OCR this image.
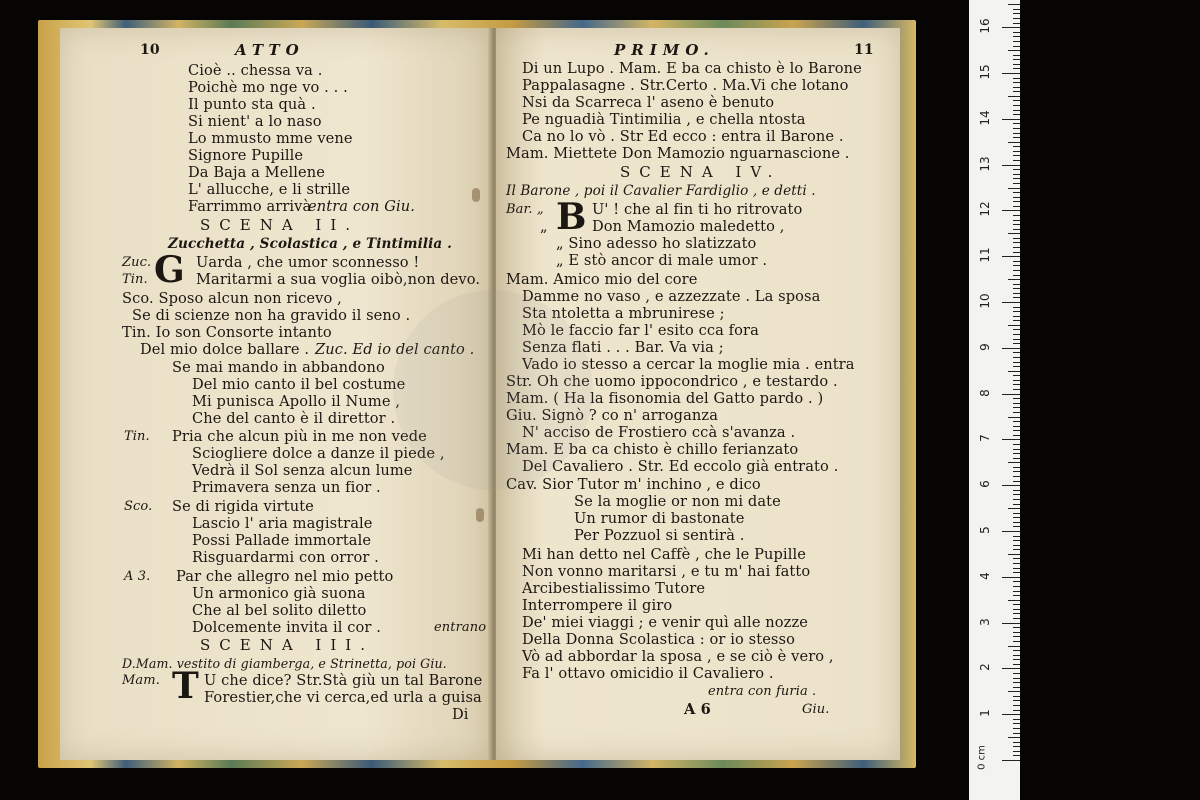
10	ATTO
Cioè .. chessa va .
Poichè mo nge vo . . .
Il punto sta quà .
Si nient' a lo naso
Lo mmusto mme vene
Signore Pupille
Da Baja a Mellene
L' allucche, e li strille
Farrimmo arrivà .
entra con Giu.
SCENA II.
Zucchetta , Scolastica , e Tintimilia .
Zuc. G Uarda , che umor sconnesso !
Tin.	Maritarmi a sua voglia oibò,non devo.
Sco. Sposo alcun non ricevo ,
Se di scienze non ha gravido il seno .
Tin. Io son Consorte intanto
Del mio dolce ballare . Zuc. Ed io del canto .
Se mai mando in abbandono
Del mio canto il bel costume
Mi punisca Apollo il Nume ,
Che del canto è il direttor .
Tin. Pria che alcun più in me non vede
Sciogliere dolce a danze il piede ,
Vedrà il Sol senza alcun lume
Primavera senza un fior .
Sco. Se di rigida virtute
Lascio l' aria magistrale
Possi Pallade immortale
Risguardarmi con orror .
A 3. Par che allegro nel mio petto
Un armonico già suona
Che al bel solito diletto
Dolcemente invita il cor .	entrano
SCENA III.
D.Mam. vestito di giamberga, e Strinetta, poi Giu.
Mam. T U che dice? Str.Stà giù un tal Barone
Forestier,che vi cerca,ed urla a guisa
Di
PRIMO.	11
Di un Lupo . Mam. E ba ca chisto è lo Barone
Pappalasagne . Str.Certo . Ma.Vi che lotano
Nsi da Scarreca l' asenо è benuto
Pe nguadià Tintimilia , e chella ntosta
Ca no lo vò . Str Ed ecco : entra il Barone .
Mam. Miettete Don Mamozio nguarnascione .
SCENA IV.
Il Barone , poi il Cavalier Fardiglio , e detti .
Bar. „ B U' ! che al fin ti ho ritrovato
„	Don Mamozio maledetto ,
„ Sino adesso ho slatizzato
„ E stò ancor di male umor .
Mam. Amico mio del core
Damme no vaso , e azzezzate . La sposa
Sta ntoletta a mbrunirese ;
Mò le faccio far l' esito cca fora
Senza flati . . . Bar. Va via ;
Vado io stesso a cercar la moglie mia . entra
Str. Oh che uomo ippocondrico , e testardo .
Mam. ( Ha la fisonomia del Gatto pardo . )
Giu. Signò ? co n' arroganza
N' accisо de Frostiero ccà s'avanza .
Mam. E ba ca chisto è chillo ferianzato
Del Cavaliero . Str. Ed eccolo già entrato .
Cav. Sior Tutor m' inchino , e dico
Se la moglie or non mi date
Un rumor di bastonate
Per Pozzuol si sentirà .
Mi han detto nel Caffè , che le Pupille
Non vonno maritarsi , e tu m' hai fatto
Arcibestialissimo Tutore
Interrompere il giro
De' miei viaggi ; e venir quì alle nozze
Della Donna Scolastica : or io stesso
Vò ad abbordar la sposa , e se ciò è vero ,
Fa l' ottavo omicidio il Cavaliero .
entra con furia .
A 6	Giu.
0 cm
1
2
3
4
5
6
7
8
9
10
11
12
13
14
15
16
